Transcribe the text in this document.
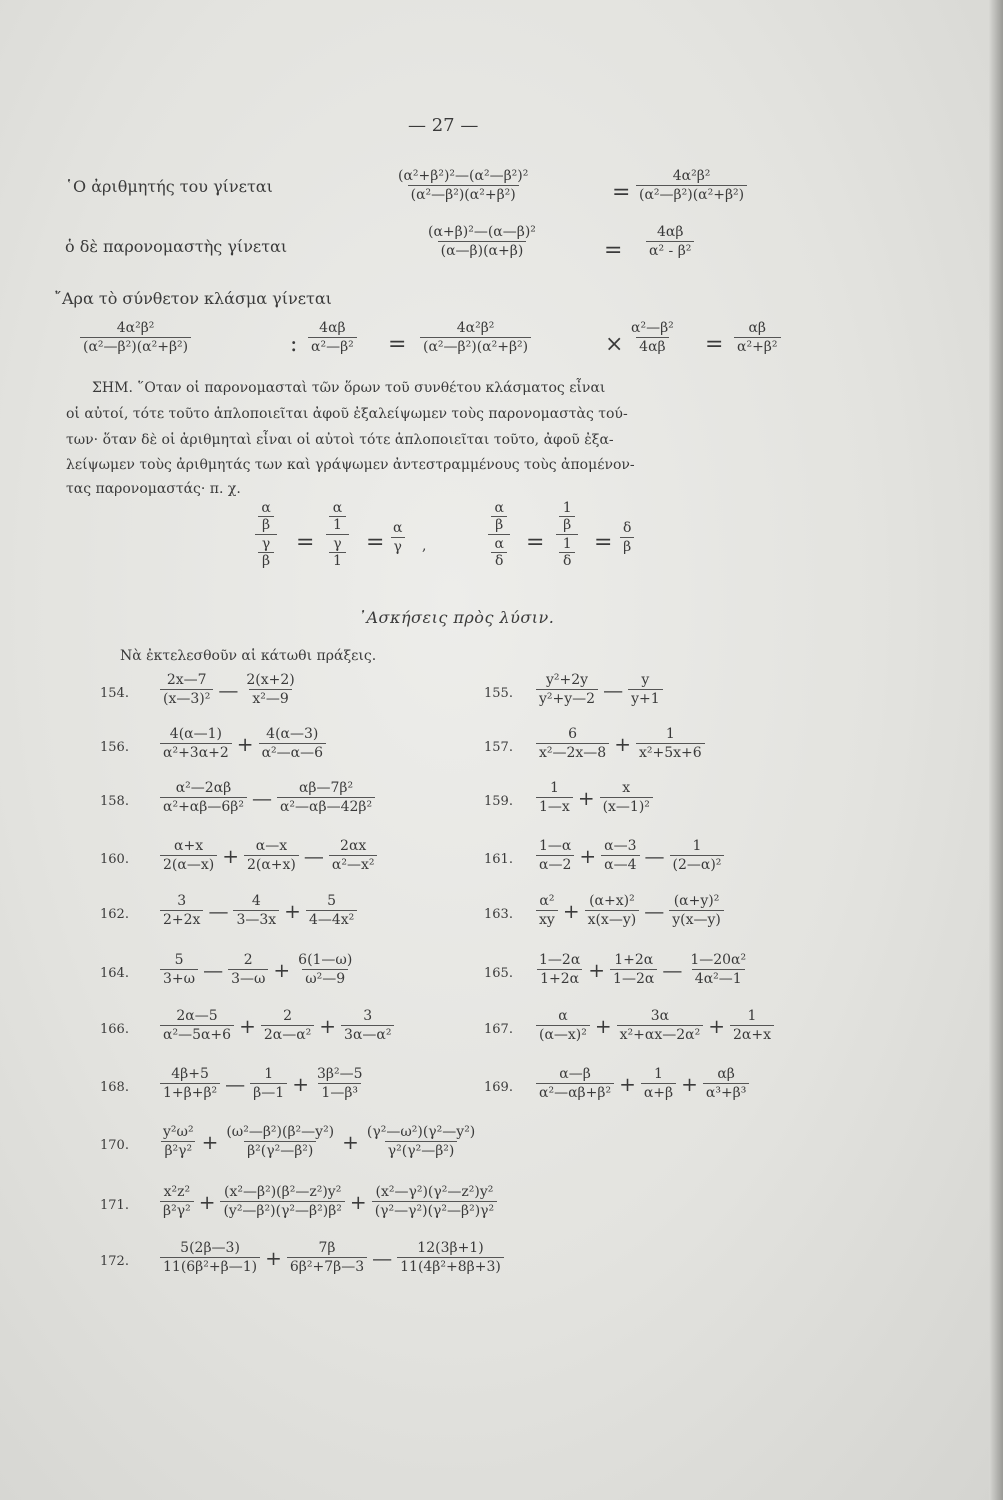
— 27 —
῾Ο ἀριθμητής του γίνεται	$\frac{\text{(α²+β²)²—(α²—β²)²}}{\text{(α²—β²)(α²+β²)}}$	= $\frac{\text{4α²β²}}{\text{(α²—β²)(α²+β²)}}$
ὁ δὲ παρονομαστὴς γίνεται	$\frac{\text{(α+β)²—(α—β)²}}{(\alpha—\beta)(\alpha+\beta)}$	= $\frac{4\alpha\beta}{\text{α² - β²}}$
῎Αρα τὸ σύνθετον κλάσμα γίνεται
$\frac{\text{4α²β²}}{\text{(α²—β²)(α²+β²)}}$	: $\frac{4\alpha\beta}{\text{α²—β²}} = \frac{\text{4α²β²}}{\text{(α²—β²)(α²+β²)}}$	× $\frac{\text{α²—β²}}{4\alpha\beta} = \frac{\alpha\beta}{\text{α²+β²}}$
ΣΗΜ. ῞Οταν οἱ παρονομασταὶ τῶν ὅρων τοῦ συνθέτου κλάσματος εἶναι
οἱ αὐτοί, τότε τοῦτο ἁπλοποιεῖται ἀφοῦ ἐξαλείψωμεν τοὺς παρονομαστὰς τού-
των· ὅταν δὲ οἱ ἀριθμηταὶ εἶναι οἱ αὐτοὶ τότε ἁπλοποιεῖται τοῦτο, ἀφοῦ ἐξα-
λείψωμεν τοὺς ἀριθμητάς των καὶ γράψωμεν ἀντεστραμμένους τοὺς ἀπομένον-
τας παρονομαστάς· π. χ.
$\frac{\frac{\alpha}{\beta}}{\frac{\gamma}{\beta}} = \frac{\frac{\alpha}{1}}{\frac{\gamma}{1}} = \frac{\alpha}{\gamma}$ ,	$\frac{\frac{\alpha}{\beta}}{\frac{\alpha}{\delta}} = \frac{\frac{1}{\beta}}{\frac{1}{\delta}} = \frac{\delta}{\beta}$
᾿Ασκήσεις πρὸς λύσιν.
Νὰ ἐκτελεσθοῦν αἱ κάτωθι πράξεις.
154. $\frac{2x—7}{\text{(x—3)²}}$ — $\frac{2(x+2)}{\text{x²—9}}$	155. $\frac{\text{y²+2y}}{\text{y²+y—2}}$ — $\frac{y}{y+1}$
156. $\frac{4(\alpha—1)}{\text{α²+3α+2}} + \frac{4(\alpha—3)}{\text{α²—α—6}}$	157. $\frac{6}{\text{x²—2x—8}} + \frac{1}{\text{x²+5x+6}}$
158. $\frac{\text{α²—2αβ}}{\text{α²+αβ—6β²}}$ — $\frac{\text{αβ—7β²}}{\text{α²—αβ—42β²}}$	159. $\frac{1}{1—x} + \frac{x}{\text{(x—1)²}}$
160. $\frac{\alpha+x}{2(\alpha—x)} + \frac{\alpha—x}{2(\alpha+x)}$ — $\frac{2\alpha x}{\text{α²—x²}}$	161. $\frac{1—\alpha}{\alpha—2} + \frac{\alpha—3}{\alpha—4}$ — $\frac{1}{\text{(2—α)²}}$
162. $\frac{3}{2+2x}$ — $\frac{4}{3—3x} + \frac{5}{\text{4—4x²}}$	163. $\frac{\text{α²}}{xy} + \frac{\text{(α+x)²}}{x(x—y)}$ — $\frac{\text{(α+y)²}}{y(x—y)}$
164. $\frac{5}{3+\omega}$ — $\frac{2}{3—\omega} + \frac{6(1—\omega)}{\text{ω²—9}}$	165. $\frac{1—2\alpha}{1+2\alpha} + \frac{1+2\alpha}{1—2\alpha}$ — $\frac{\text{1—20α²}}{\text{4α²—1}}$
166. $\frac{2\alpha—5}{\text{α²—5α+6}} + \frac{2}{\text{2α—α²}} + \frac{3}{\text{3α—α²}}$	167. $\frac{\alpha}{\text{(α—x)²}} + \frac{3\alpha}{\text{x²+αx—2α²}} + \frac{1}{2\alpha+x}$
168. $\frac{4\beta+5}{\text{1+β+β²}}$ — $\frac{1}{\beta—1} + \frac{\text{3β²—5}}{\text{1—β³}}$	169. $\frac{\alpha—\beta}{\text{α²—αβ+β²}} + \frac{1}{\alpha+\beta} + \frac{\alpha\beta}{\text{α³+β³}}$
170. $\frac{\text{y²ω²}}{\text{β²γ²}} + \frac{\text{(ω²—β²)(β²—y²)}}{\text{β²(γ²—β²)}} + \frac{\text{(γ²—ω²)(γ²—y²)}}{\text{γ²(γ²—β²)}}$
171. $\frac{\text{x²z²}}{\text{β²γ²}} + \frac{\text{(x²—β²)(β²—z²)y²}}{\text{(y²—β²)(γ²—β²)β²}} + \frac{\text{(x²—γ²)(γ²—z²)y²}}{\text{(γ²—γ²)(γ²—β²)γ²}}$
172. $\frac{5(2\beta—3)}{\text{11(6β²+β—1)}} + \frac{7\beta}{\text{6β²+7β—3}}$ — $\frac{12(3\beta+1)}{\text{11(4β²+8β+3)}}$
